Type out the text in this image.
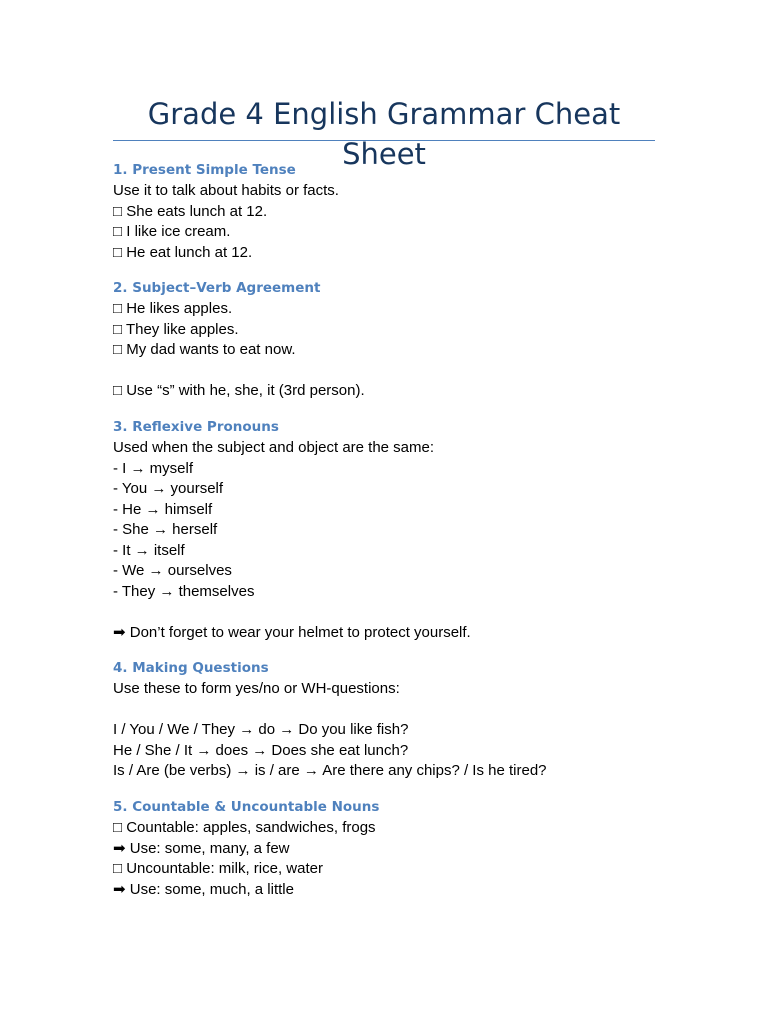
Grade 4 English Grammar Cheat Sheet
1. Present Simple Tense
Use it to talk about habits or facts.
□ She eats lunch at 12.
□ I like ice cream.
□ He eat lunch at 12.
2. Subject–Verb Agreement
□ He likes apples.
□ They like apples.
□ My dad wants to eat now.
□ Use “s” with he, she, it (3rd person).
3. Reflexive Pronouns
Used when the subject and object are the same:
- I → myself
- You → yourself
- He → himself
- She → herself
- It → itself
- We → ourselves
- They → themselves
➡ Don’t forget to wear your helmet to protect yourself.
4. Making Questions
Use these to form yes/no or WH-questions:
I / You / We / They → do → Do you like fish?
He / She / It → does → Does she eat lunch?
Is / Are (be verbs) → is / are → Are there any chips? / Is he tired?
5. Countable & Uncountable Nouns
□ Countable: apples, sandwiches, frogs
➡ Use: some, many, a few
□ Uncountable: milk, rice, water
➡ Use: some, much, a little
